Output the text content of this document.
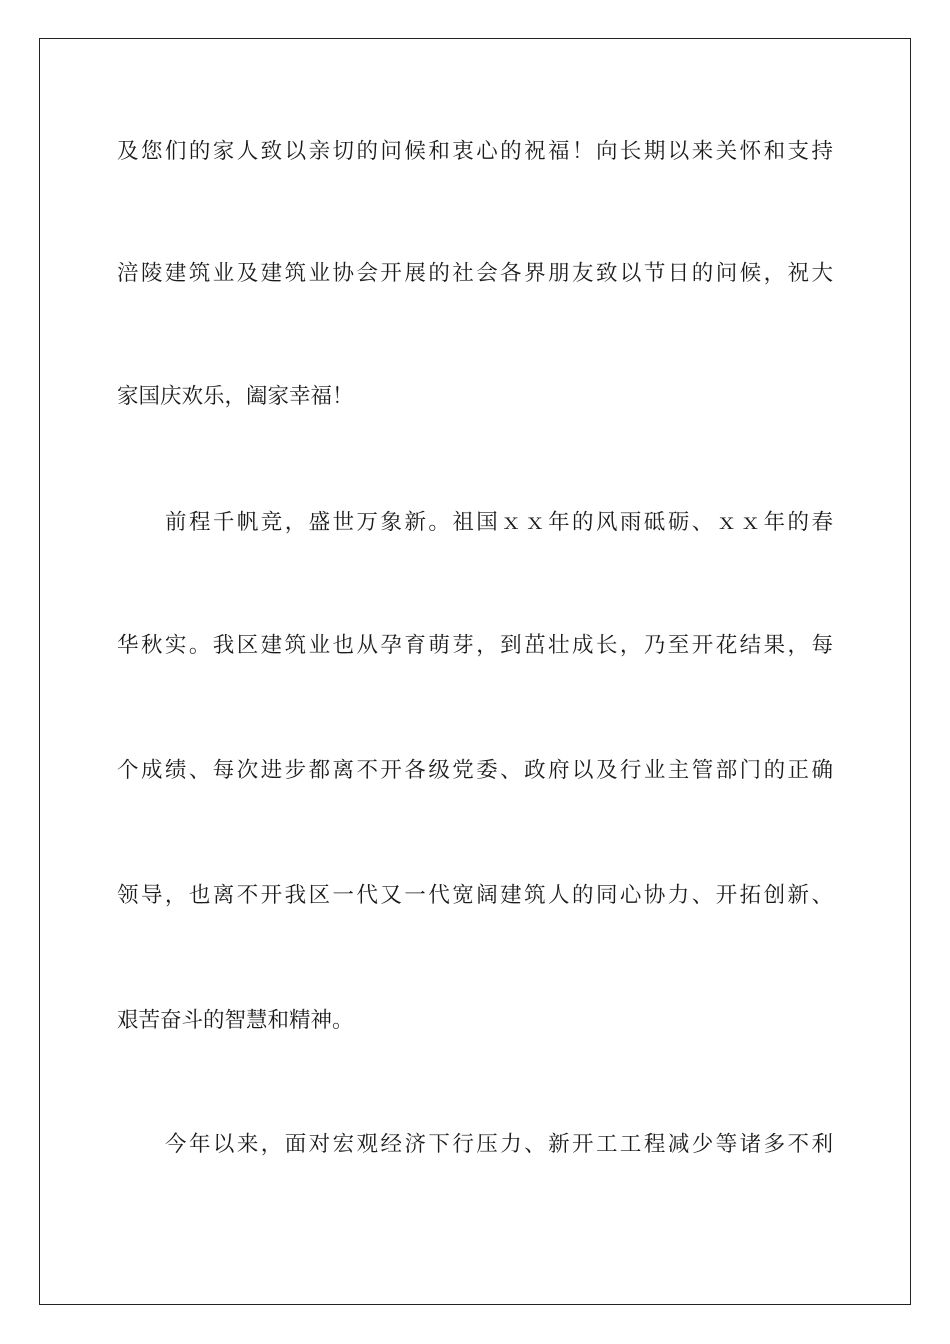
及您们的家人致以亲切的问候和衷心的祝福！向长期以来关怀和支持
涪陵建筑业及建筑业协会开展的社会各界朋友致以节日的问候，祝大
家国庆欢乐，阖家幸福！
前程千帆竞，盛世万象新。祖国ｘｘ年的风雨砥砺、ｘｘ年的春
华秋实。我区建筑业也从孕育萌芽，到茁壮成长，乃至开花结果，每
个成绩、每次进步都离不开各级党委、政府以及行业主管部门的正确
领导，也离不开我区一代又一代宽阔建筑人的同心协力、开拓创新、
艰苦奋斗的智慧和精神。
今年以来，面对宏观经济下行压力、新开工工程减少等诸多不利
